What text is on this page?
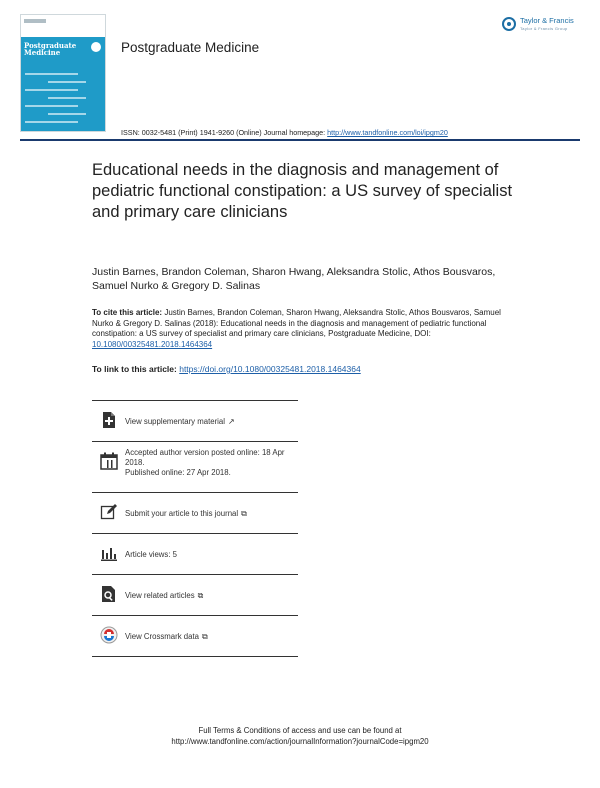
Postgraduate
Medicine	Postgraduate Medicine
Taylor & Francis
Taylor & Francis Group
ISSN: 0032-5481 (Print) 1941-9260 (Online) Journal homepage: http://www.tandfonline.com/loi/ipgm20
Educational needs in the diagnosis and management of pediatric functional constipation: a US survey of specialist and primary care clinicians
Justin Barnes, Brandon Coleman, Sharon Hwang, Aleksandra Stolic, Athos Bousvaros, Samuel Nurko & Gregory D. Salinas
To cite this article: Justin Barnes, Brandon Coleman, Sharon Hwang, Aleksandra Stolic, Athos Bousvaros, Samuel Nurko & Gregory D. Salinas (2018): Educational needs in the diagnosis and management of pediatric functional constipation: a US survey of specialist and primary care clinicians, Postgraduate Medicine, DOI: 10.1080/00325481.2018.1464364
To link to this article: https://doi.org/10.1080/00325481.2018.1464364
View supplementary material ↗
Accepted author version posted online: 18 Apr 2018.
Published online: 27 Apr 2018.
Submit your article to this journal ⧉
Article views: 5
View related articles ⧉
View Crossmark data ⧉
Full Terms & Conditions of access and use can be found at
http://www.tandfonline.com/action/journalInformation?journalCode=ipgm20
